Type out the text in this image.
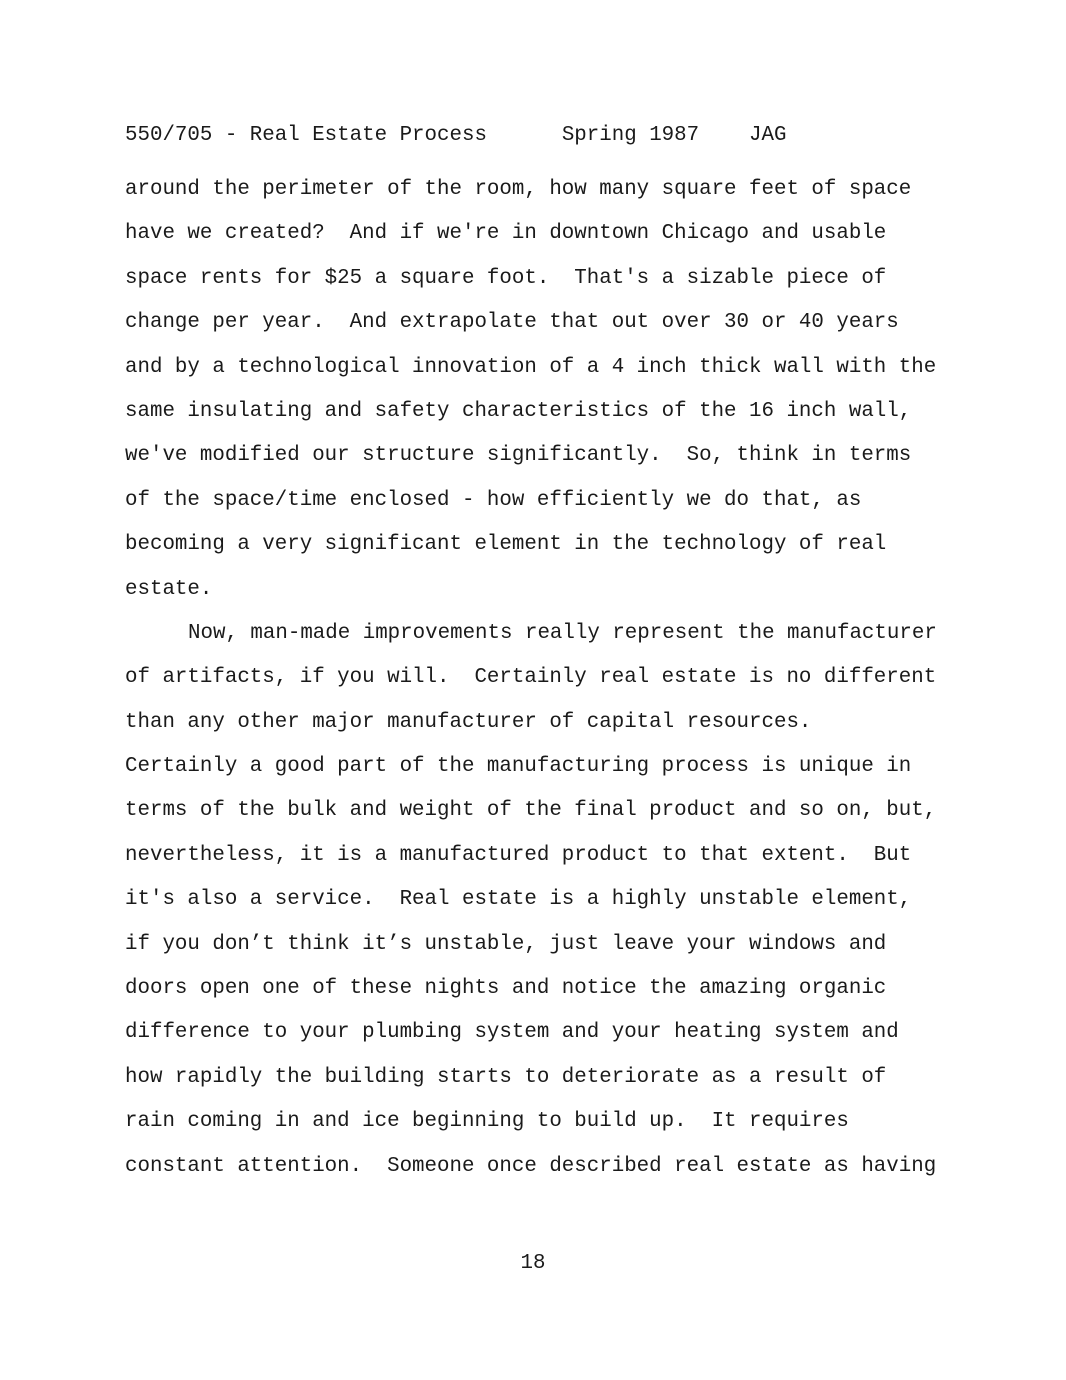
550/705 - Real Estate Process	Spring 1987 JAG
around the perimeter of the room, how many square feet of space
have we created?  And if we're in downtown Chicago and usable
space rents for $25 a square foot.  That's a sizable piece of
change per year.  And extrapolate that out over 30 or 40 years
and by a technological innovation of a 4 inch thick wall with the
same insulating and safety characteristics of the 16 inch wall,
we've modified our structure significantly.  So, think in terms
of the space/time enclosed - how efficiently we do that, as
becoming a very significant element in the technology of real
estate.
Now, man-made improvements really represent the manufacturer
of artifacts, if you will.  Certainly real estate is no different
than any other major manufacturer of capital resources.
Certainly a good part of the manufacturing process is unique in
terms of the bulk and weight of the final product and so on, but,
nevertheless, it is a manufactured product to that extent.  But
it's also a service.  Real estate is a highly unstable element,
if you don’t think it’s unstable, just leave your windows and
doors open one of these nights and notice the amazing organic
difference to your plumbing system and your heating system and
how rapidly the building starts to deteriorate as a result of
rain coming in and ice beginning to build up.  It requires
constant attention.  Someone once described real estate as having
18
